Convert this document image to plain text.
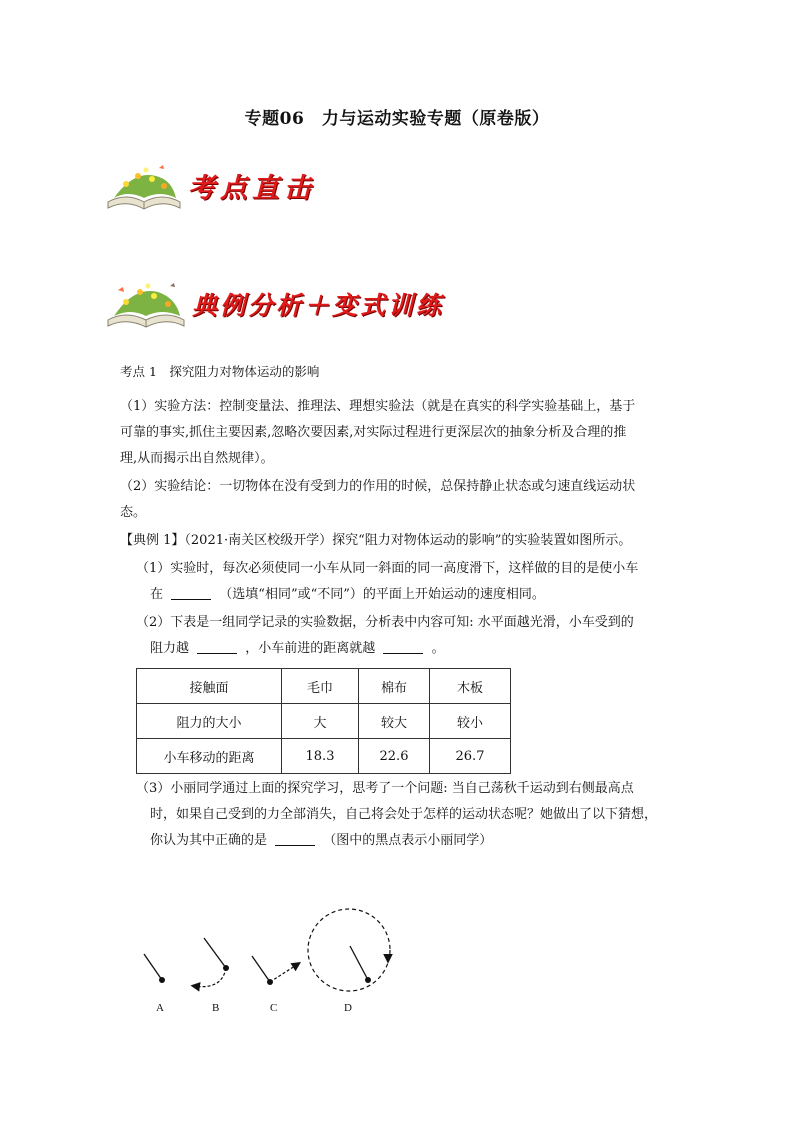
专题06　力与运动实验专题（原卷版）
考点直击
典例分析＋变式训练
考点 1　探究阻力对物体运动的影响
（1）实验方法：控制变量法、推理法、理想实验法（就是在真实的科学实验基础上，基于
可靠的事实,抓住主要因素,忽略次要因素,对实际过程进行更深层次的抽象分析及合理的推
理,从而揭示出自然规律）。
（2）实验结论：一切物体在没有受到力的作用的时候，总保持静止状态或匀速直线运动状
态。
【典例 1】（2021·南关区校级开学）探究“阻力对物体运动的影响”的实验装置如图所示。
（1）实验时，每次必须使同一小车从同一斜面的同一高度滑下，这样做的目的是使小车
在	（选填“相同”或“不同”）的平面上开始运动的速度相同。
（2）下表是一组同学记录的实验数据，分析表中内容可知: 水平面越光滑，小车受到的
阻力越	，小车前进的距离就越	。
接触面	毛巾	棉布	木板
阻力的大小	大	较大	较小
小车移动的距离	18.3	22.6	26.7
（3）小丽同学通过上面的探究学习，思考了一个问题: 当自己荡秋千运动到右侧最高点
时，如果自己受到的力全部消失，自己将会处于怎样的运动状态呢？她做出了以下猜想，
你认为其中正确的是	（图中的黑点表示小丽同学）
A	B	C	D
